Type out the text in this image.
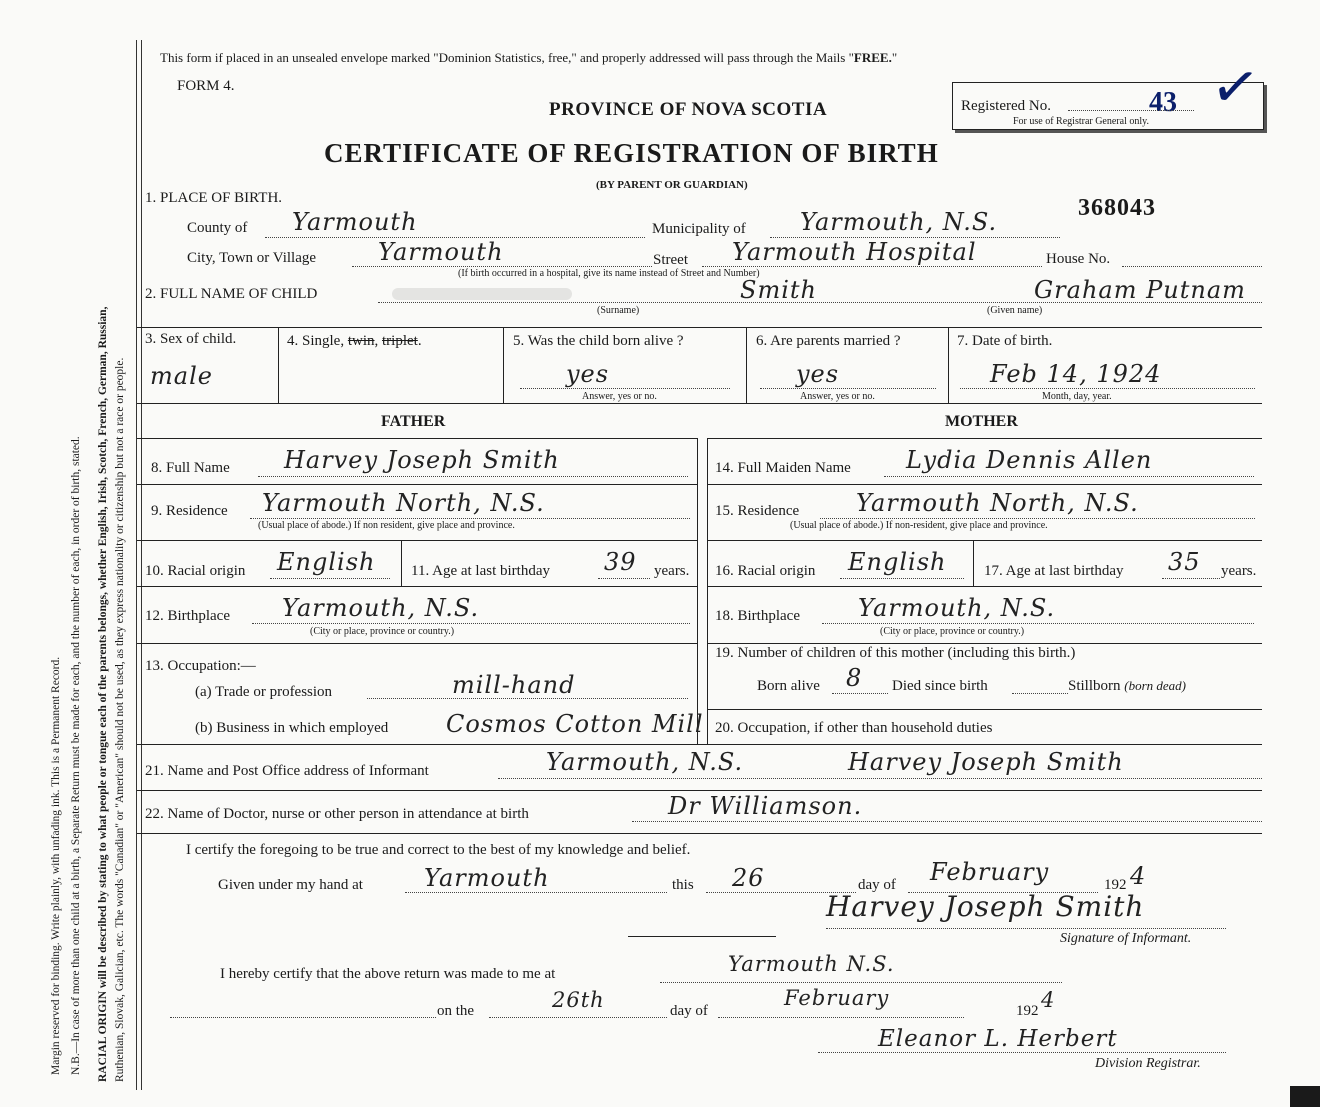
Margin reserved for binding. Write plainly, with unfading ink. This is a Permanent Record. N.B.—In case of more than one child at a birth, a Separate Return must be made for each, and the number of each, in order of birth, stated. RACIAL ORIGIN will be described by stating to what people or tongue each of the parents belongs, whether English, Irish, Scotch, French, German, Russian, Ruthenian, Slovak, Galician, etc. The words "Canadian" or "American" should not be used, as they express nationality or citizenship but not a race or people.
This form if placed in an unsealed envelope marked "Dominion Statistics, free," and properly addressed will pass through the Mails "FREE."
FORM 4.
PROVINCE OF NOVA SCOTIA
CERTIFICATE OF REGISTRATION OF BIRTH
(BY PARENT OR GUARDIAN)
Registered No.	43 ✓
For use of Registrar General only.
368043
1. PLACE OF BIRTH.
County of Yarmouth	Municipality of Yarmouth, N.S.
City, Town or Village	Yarmouth	Street Yarmouth Hospital	House No.
(If birth occurred in a hospital, give its name instead of Street and Number)
2. FULL NAME OF CHILD	Smith	Graham Putnam
(Surname)	(Given name)
3. Sex of child.
male
4. Single, twin, triplet.	5. Was the child born alive ?
yes
Answer, yes or no.
6. Are parents married ?
yes
Answer, yes or no.
7. Date of birth.
Feb 14, 1924
Month, day, year.
FATHER	MOTHER
8. Full Name Harvey Joseph Smith
9. Residence Yarmouth North, N.S.
(Usual place of abode.) If non resident, give place and province.
10. Racial origin English 11. Age at last birthday 39 years.
12. Birthplace Yarmouth, N.S.
(City or place, province or country.)
13. Occupation:—
(a) Trade or profession	mill-hand
(b) Business in which employed Cosmos Cotton Mill
14. Full Maiden Name Lydia Dennis Allen
15. Residence Yarmouth North, N.S.
(Usual place of abode.) If non-resident, give place and province.
16. Racial origin English	17. Age at last birthday 35 years.
18. Birthplace Yarmouth, N.S.
(City or place, province or country.)
19. Number of children of this mother (including this birth.)
Born alive 8 Died since birth	Stillborn (born dead)
20. Occupation, if other than household duties
21. Name and Post Office address of Informant	Yarmouth, N.S.	Harvey Joseph Smith
22. Name of Doctor, nurse or other person in attendance at birth	Dr Williamson.
I certify the foregoing to be true and correct to the best of my knowledge and belief.
Given under my hand at	Yarmouth	this 26	day of February	192 4
Harvey Joseph Smith
Signature of Informant.
I hereby certify that the above return was made to me at	Yarmouth N.S.
on the	26th	day of
February
192 4
Eleanor L. Herbert
Division Registrar.
